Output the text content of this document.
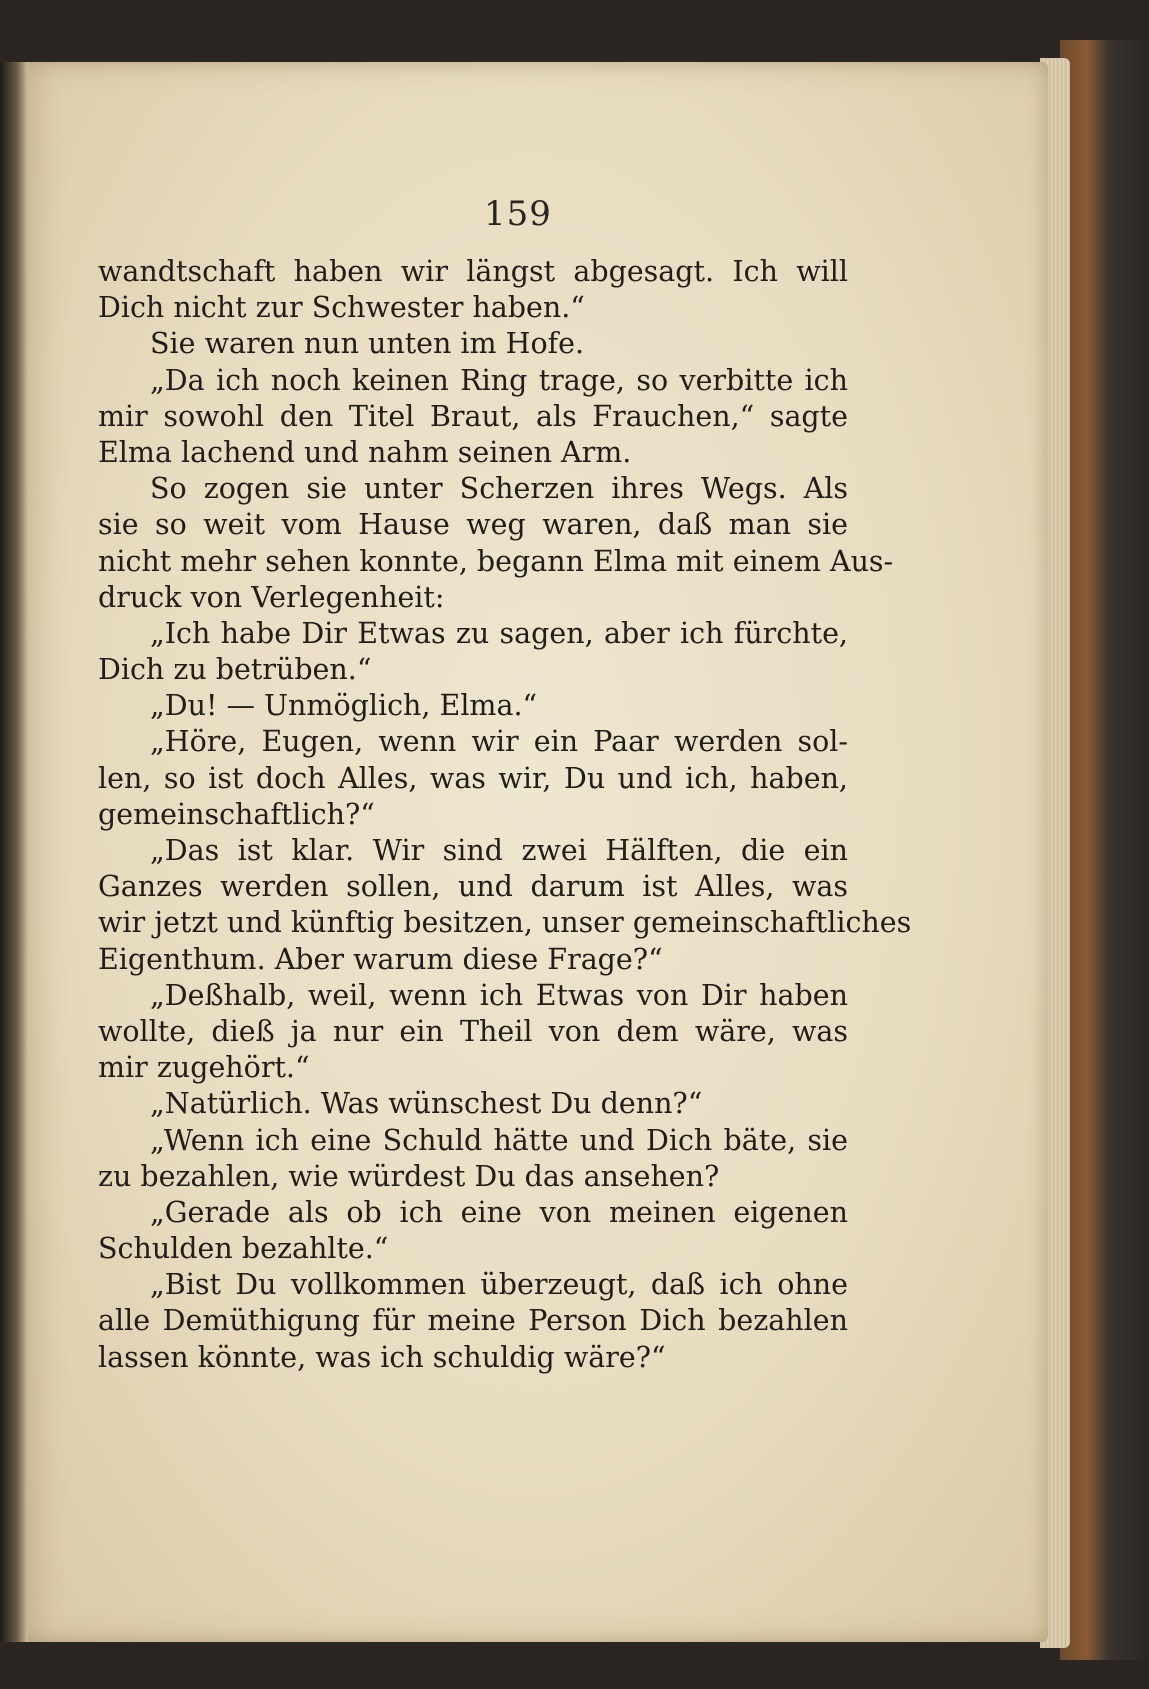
159
wandtschaft haben wir längst abgesagt. Ich will
Dich nicht zur Schwester haben.“
Sie waren nun unten im Hofe.
„Da ich noch keinen Ring trage, so verbitte ich
mir sowohl den Titel Braut, als Frauchen,“ sagte
Elma lachend und nahm seinen Arm.
So zogen sie unter Scherzen ihres Wegs. Als
sie so weit vom Hause weg waren, daß man sie
nicht mehr sehen konnte, begann Elma mit einem Aus-
druck von Verlegenheit:
„Ich habe Dir Etwas zu sagen, aber ich fürchte,
Dich zu betrüben.“
„Du! — Unmöglich, Elma.“
„Höre, Eugen, wenn wir ein Paar werden sol-
len, so ist doch Alles, was wir, Du und ich, haben,
gemeinschaftlich?“
„Das ist klar. Wir sind zwei Hälften, die ein
Ganzes werden sollen, und darum ist Alles, was
wir jetzt und künftig besitzen, unser gemeinschaftliches
Eigenthum. Aber warum diese Frage?“
„Deßhalb, weil, wenn ich Etwas von Dir haben
wollte, dieß ja nur ein Theil von dem wäre, was
mir zugehört.“
„Natürlich. Was wünschest Du denn?“
„Wenn ich eine Schuld hätte und Dich bäte, sie
zu bezahlen, wie würdest Du das ansehen?
„Gerade als ob ich eine von meinen eigenen
Schulden bezahlte.“
„Bist Du vollkommen überzeugt, daß ich ohne
alle Demüthigung für meine Person Dich bezahlen
lassen könnte, was ich schuldig wäre?“
